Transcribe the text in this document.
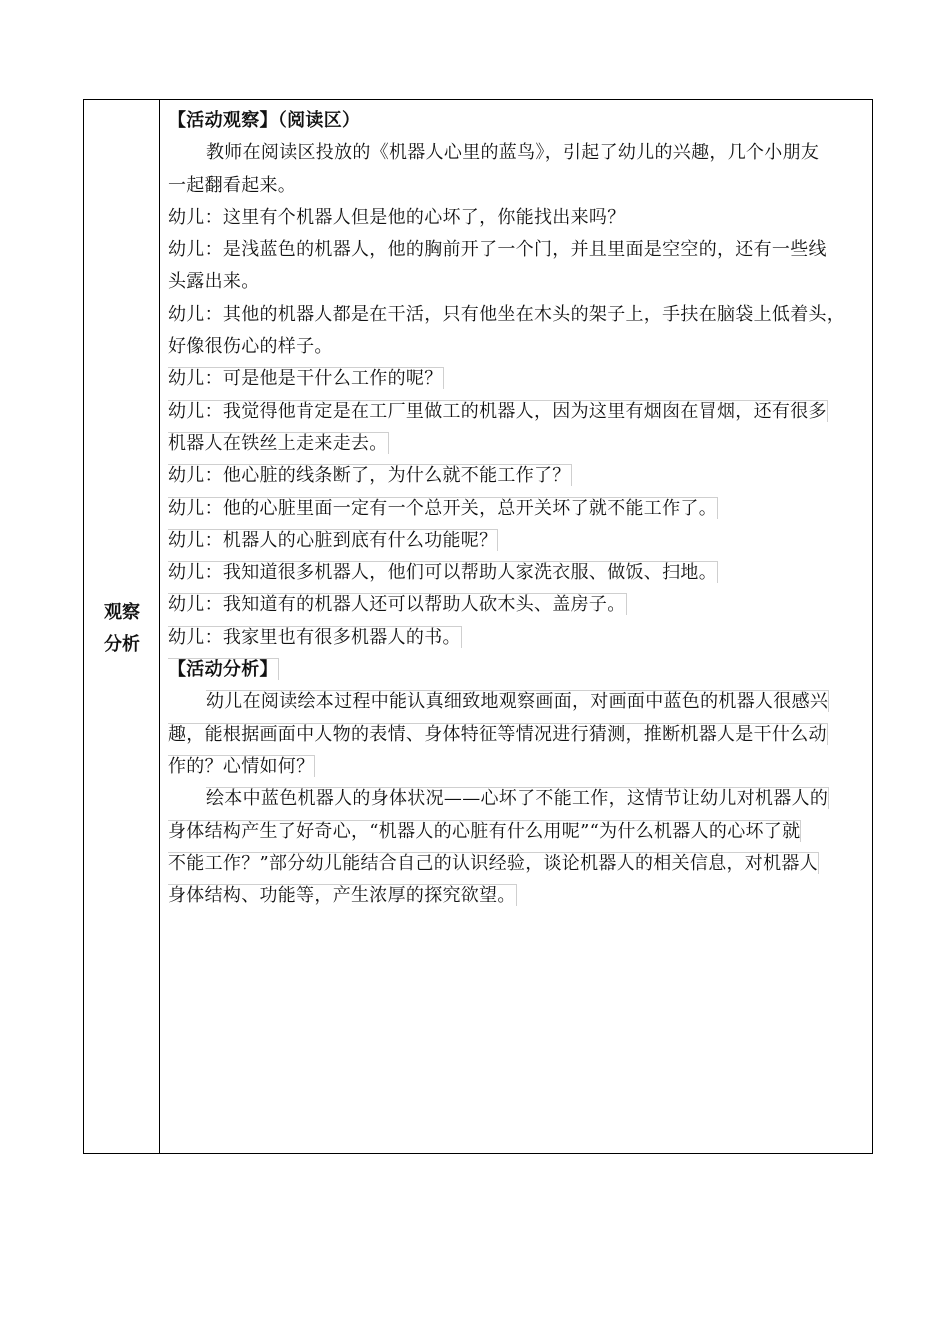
观察
分析
【活动观察】（阅读区）
教师在阅读区投放的《机器人心里的蓝鸟》，引起了幼儿的兴趣，几个小朋友
一起翻看起来。
幼儿：这里有个机器人但是他的心坏了，你能找出来吗？
幼儿：是浅蓝色的机器人，他的胸前开了一个门，并且里面是空空的，还有一些线
头露出来。
幼儿：其他的机器人都是在干活，只有他坐在木头的架子上，手扶在脑袋上低着头，
好像很伤心的样子。
幼儿：可是他是干什么工作的呢？
幼儿：我觉得他肯定是在工厂里做工的机器人，因为这里有烟囱在冒烟，还有很多
机器人在铁丝上走来走去。
幼儿：他心脏的线条断了，为什么就不能工作了？
幼儿：他的心脏里面一定有一个总开关，总开关坏了就不能工作了。
幼儿：机器人的心脏到底有什么功能呢？
幼儿：我知道很多机器人，他们可以帮助人家洗衣服、做饭、扫地。
幼儿：我知道有的机器人还可以帮助人砍木头、盖房子。
幼儿：我家里也有很多机器人的书。
【活动分析】
幼儿在阅读绘本过程中能认真细致地观察画面，对画面中蓝色的机器人很感兴
趣，能根据画面中人物的表情、身体特征等情况进行猜测，推断机器人是干什么动
作的？心情如何？
绘本中蓝色机器人的身体状况——心坏了不能工作，这情节让幼儿对机器人的
身体结构产生了好奇心，“机器人的心脏有什么用呢”“为什么机器人的心坏了就
不能工作？”部分幼儿能结合自己的认识经验，谈论机器人的相关信息，对机器人
身体结构、功能等，产生浓厚的探究欲望。
